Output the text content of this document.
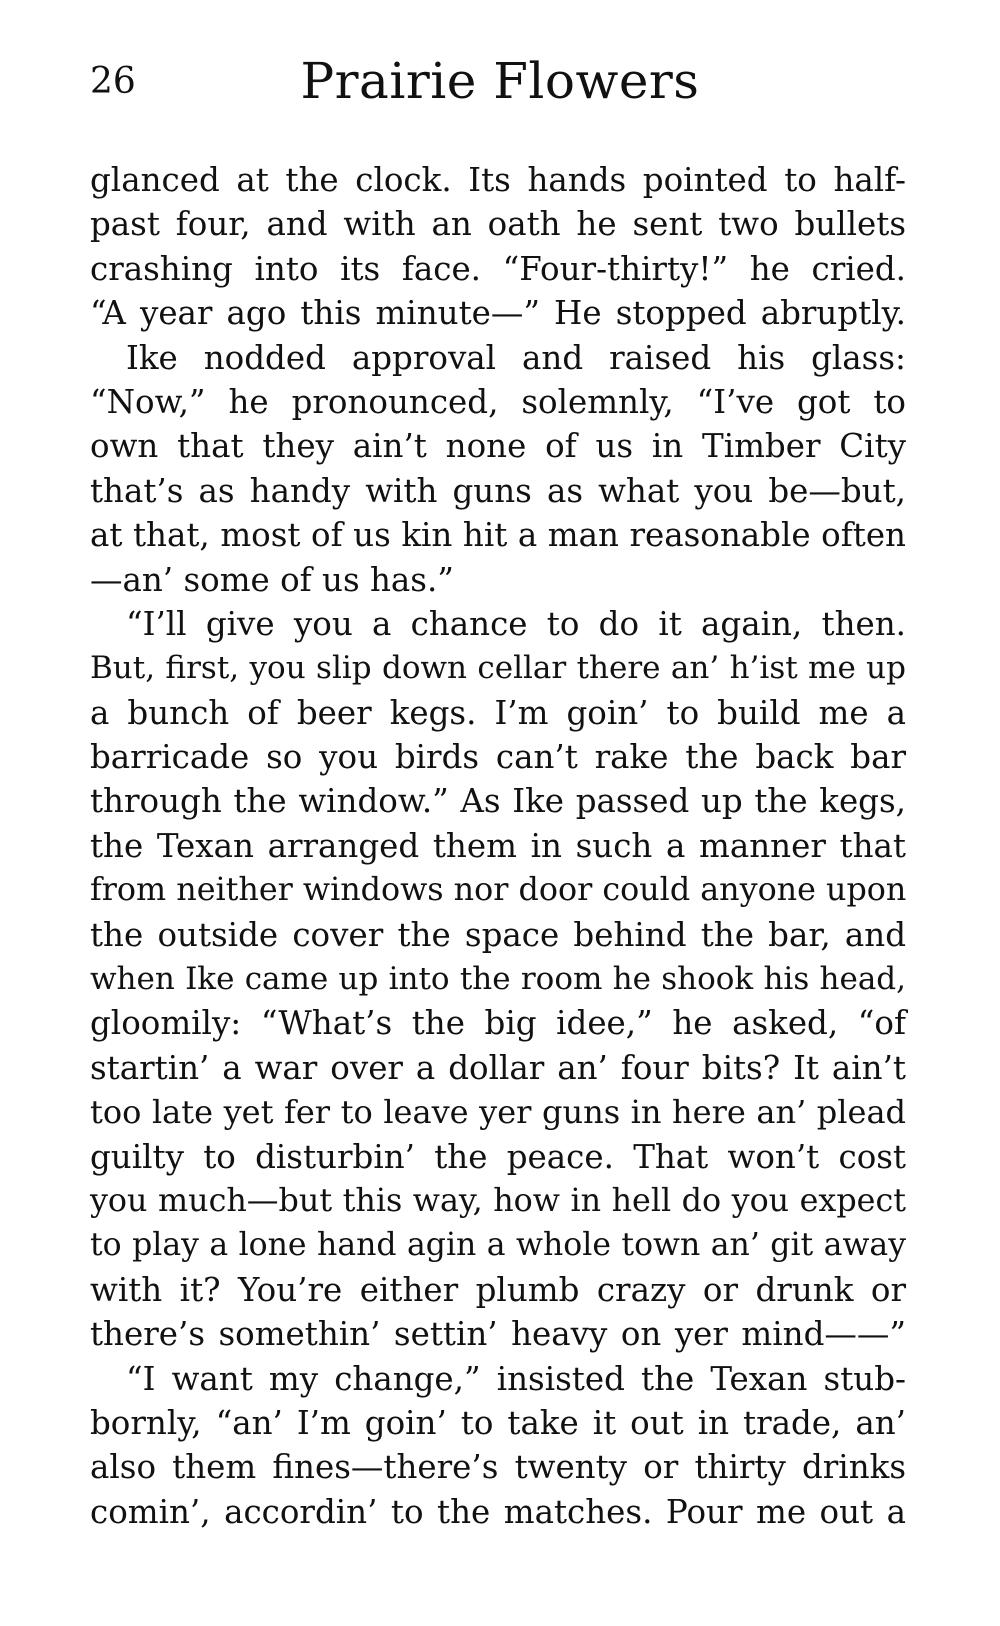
26	Prairie Flowers
glanced at the clock. Its hands pointed to half-
past four, and with an oath he sent two bullets
crashing into its face. “Four-thirty!” he cried.
“A year ago this minute—” He stopped abruptly.
Ike nodded approval and raised his glass:
“Now,” he pronounced, solemnly, “I’ve got to
own that they ain’t none of us in Timber City
that’s as handy with guns as what you be—but,
at that, most of us kin hit a man reasonable often
—an’ some of us has.”
“I’ll give you a chance to do it again, then.
But, first, you slip down cellar there an’ h’ist me up
a bunch of beer kegs. I’m goin’ to build me a
barricade so you birds can’t rake the back bar
through the window.” As Ike passed up the kegs,
the Texan arranged them in such a manner that
from neither windows nor door could anyone upon
the outside cover the space behind the bar, and
when Ike came up into the room he shook his head,
gloomily: “What’s the big idee,” he asked, “of
startin’ a war over a dollar an’ four bits? It ain’t
too late yet fer to leave yer guns in here an’ plead
guilty to disturbin’ the peace. That won’t cost
you much—but this way, how in hell do you expect
to play a lone hand agin a whole town an’ git away
with it? You’re either plumb crazy or drunk or
there’s somethin’ settin’ heavy on yer mind——”
“I want my change,” insisted the Texan stub-
bornly, “an’ I’m goin’ to take it out in trade, an’
also them fines—there’s twenty or thirty drinks
comin’, accordin’ to the matches. Pour me out a
